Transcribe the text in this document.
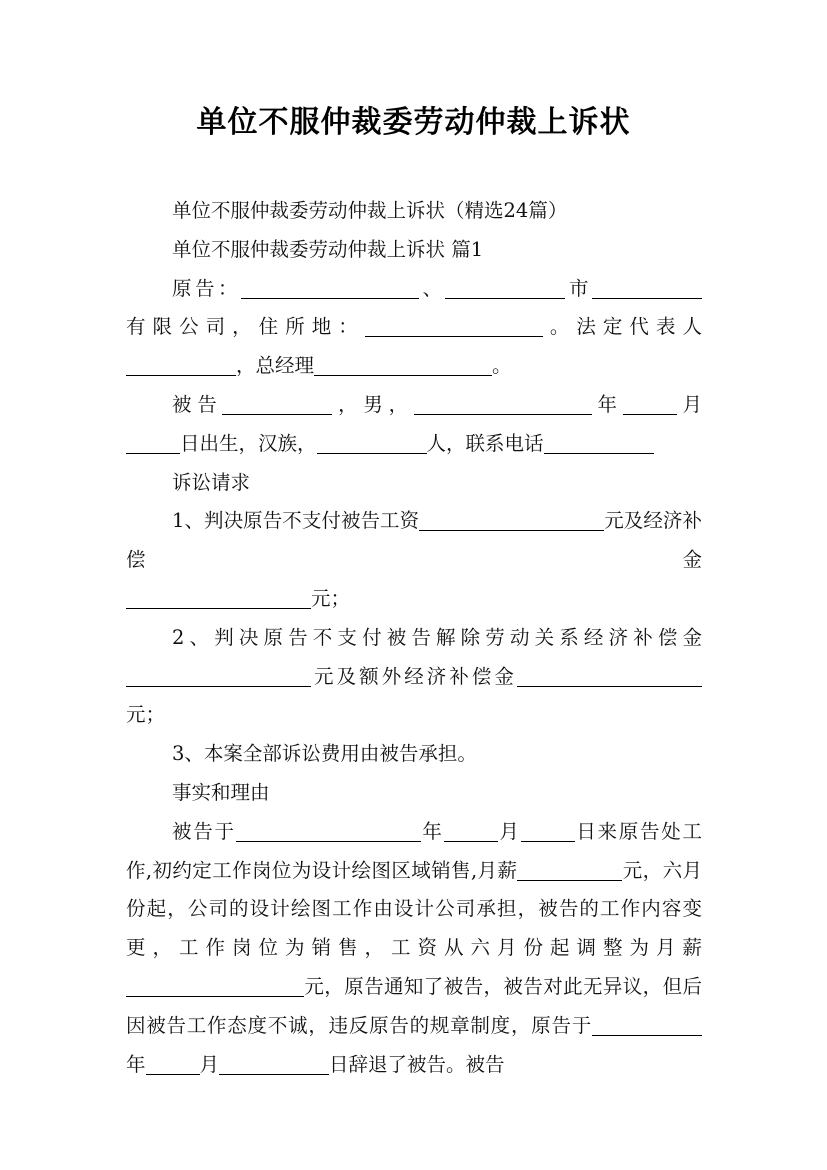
单位不服仲裁委劳动仲裁上诉状

单位不服仲裁委劳动仲裁上诉状（精选24篇）

单位不服仲裁委劳动仲裁上诉状 篇1

原告：	、	市

有限公司，住所地：	。法定代表人

，总经理	。

被告	，男，	年	月

日出生，汉族，	人，联系电话

诉讼请求

1、判决原告不支付被告工资	元及经济补偿金

元；

2、判决原告不支付被告解除劳动关系经济补偿金

元及额外经济补偿金

元；

3、本案全部诉讼费用由被告承担。

事实和理由

被告于	年	月	日来原告处工作,初约定工作岗位为设计绘图区域销售,月薪	元，六月份起，公司的设计绘图工作由设计公司承担，被告的工作内容变更，工作岗位为销售，工资从六月份起调整为月薪元，原告通知了被告，被告对此无异议，但后因被告工作态度不诚，违反原告的规章制度，原告于年	月	日辞退了被告。被告
